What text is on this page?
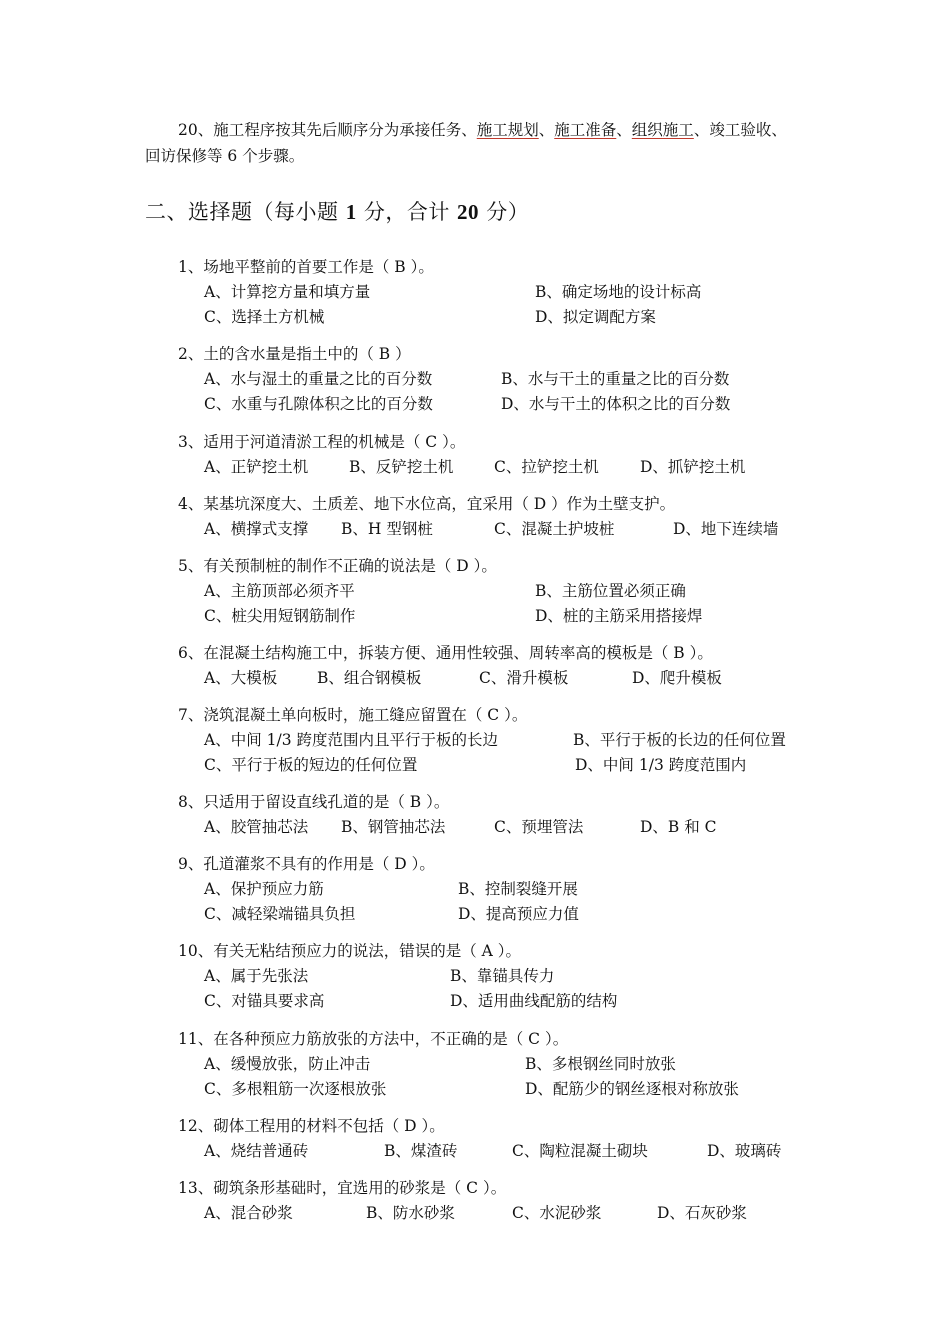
20、施工程序按其先后顺序分为承接任务、施工规划、施工准备、组织施工、竣工验收、
回访保修等 6 个步骤。
二、选择题（每小题 1 分，合计 20 分）
1、场地平整前的首要工作是（ B ）。
A、计算挖方量和填方量	B、确定场地的设计标高
C、选择土方机械	D、拟定调配方案
2、土的含水量是指土中的（ B ）
A、水与湿土的重量之比的百分数	B、水与干土的重量之比的百分数
C、水重与孔隙体积之比的百分数	D、水与干土的体积之比的百分数
3、适用于河道清淤工程的机械是（ C ）。
A、正铲挖土机	B、反铲挖土机	C、拉铲挖土机	D、抓铲挖土机
4、某基坑深度大、土质差、地下水位高，宜采用（ D ）作为土壁支护。
A、横撑式支撑 B、H 型钢桩	C、混凝土护坡桩	D、地下连续墙
5、有关预制桩的制作不正确的说法是（ D ）。
A、主筋顶部必须齐平	B、主筋位置必须正确
C、桩尖用短钢筋制作	D、桩的主筋采用搭接焊
6、在混凝土结构施工中，拆装方便、通用性较强、周转率高的模板是（ B ）。
A、大模板	B、组合钢模板	C、滑升模板	D、爬升模板
7、浇筑混凝土单向板时，施工缝应留置在（ C ）。
A、中间 1/3 跨度范围内且平行于板的长边	B、平行于板的长边的任何位置
C、平行于板的短边的任何位置	D、中间 1/3 跨度范围内
8、只适用于留设直线孔道的是（ B ）。
A、胶管抽芯法 B、钢管抽芯法	C、预埋管法	D、B 和 C
9、孔道灌浆不具有的作用是（ D ）。
A、保护预应力筋	B、控制裂缝开展
C、减轻梁端锚具负担	D、提高预应力值
10、有关无粘结预应力的说法，错误的是（ A ）。
A、属于先张法	B、靠锚具传力
C、对锚具要求高	D、适用曲线配筋的结构
11、在各种预应力筋放张的方法中，不正确的是（ C ）。
A、缓慢放张，防止冲击	B、多根钢丝同时放张
C、多根粗筋一次逐根放张	D、配筋少的钢丝逐根对称放张
12、砌体工程用的材料不包括（ D ）。
A、烧结普通砖	B、煤渣砖	C、陶粒混凝土砌块	D、玻璃砖
13、砌筑条形基础时，宜选用的砂浆是（ C ）。
A、混合砂浆	B、防水砂浆	C、水泥砂浆	D、石灰砂浆
